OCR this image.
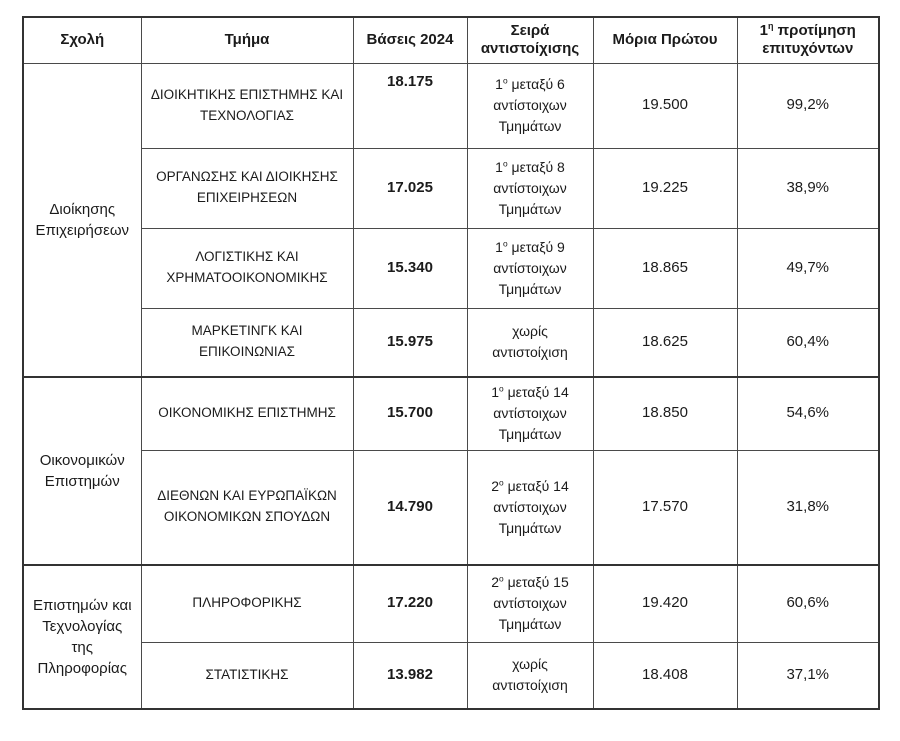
Σχολή	Τμήμα	Βάσεις 2024	Σειρά αντιστοίχισης	Μόρια Πρώτου	$1^\eta$ προτίμηση επιτυχόντων
Διοίκησης Επιχειρήσεων	ΔΙΟΙΚΗΤΙΚΗΣ ΕΠΙΣΤΗΜΗΣ ΚΑΙ ΤΕΧΝΟΛΟΓΙΑΣ	18.175	$1^o$ μεταξύ 6 αντίστοιχων Τμημάτων	19.500	99,2%
	ΟΡΓΑΝΩΣΗΣ ΚΑΙ ΔΙΟΙΚΗΣΗΣ ΕΠΙΧΕΙΡΗΣΕΩΝ	17.025	$1^o$ μεταξύ 8 αντίστοιχων Τμημάτων	19.225	38,9%
	ΛΟΓΙΣΤΙΚΗΣ ΚΑΙ ΧΡΗΜΑΤΟΟΙΚΟΝΟΜΙΚΗΣ	15.340	$1^o$ μεταξύ 9 αντίστοιχων Τμημάτων	18.865	49,7%
	ΜΑΡΚΕΤΙΝΓΚ ΚΑΙ ΕΠΙΚΟΙΝΩΝΙΑΣ	15.975	χωρίς αντιστοίχιση	18.625	60,4%
Οικονομικών Επιστημών	ΟΙΚΟΝΟΜΙΚΗΣ ΕΠΙΣΤΗΜΗΣ	15.700	$1^o$ μεταξύ 14 αντίστοιχων Τμημάτων	18.850	54,6%
	ΔΙΕΘΝΩΝ ΚΑΙ ΕΥΡΩΠΑΪΚΩΝ ΟΙΚΟΝΟΜΙΚΩΝ ΣΠΟΥΔΩΝ	14.790	$2^o$ μεταξύ 14 αντίστοιχων Τμημάτων	17.570	31,8%
Επιστημών και Τεχνολογίας της Πληροφορίας	ΠΛΗΡΟΦΟΡΙΚΗΣ	17.220	$2^o$ μεταξύ 15 αντίστοιχων Τμημάτων	19.420	60,6%
	ΣΤΑΤΙΣΤΙΚΗΣ	13.982	χωρίς αντιστοίχιση	18.408	37,1%
